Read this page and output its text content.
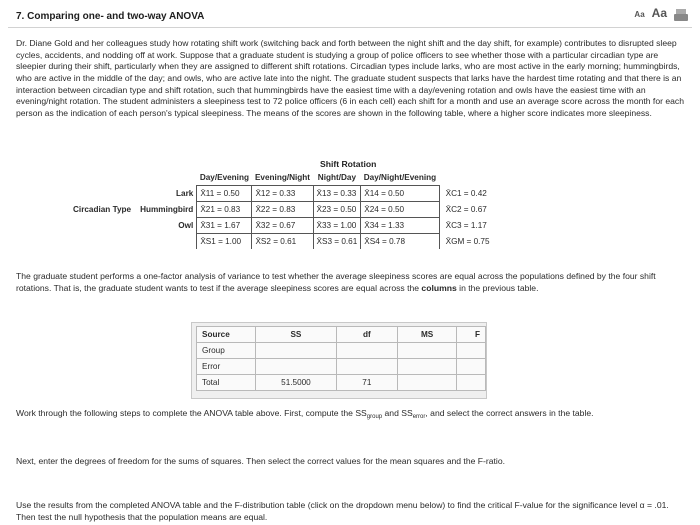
7. Comparing one- and two-way ANOVA	Aa Aa
Dr. Diane Gold and her colleagues study how rotating shift work (switching back and forth between the night shift and the day shift, for example) contributes to disrupted sleep cycles, accidents, and nodding off at work. Suppose that a graduate student is studying a group of police officers to see whether those with a particular circadian type are sleepier during their shift, particularly when they are assigned to different shift rotations. Circadian types include larks, who are most active in the early morning; hummingbirds, who are active in the middle of the day; and owls, who are active late into the night. The graduate student suspects that larks have the hardest time rotating and that there is an interaction between circadian type and shift rotation, such that hummingbirds have the easiest time with a day/evening rotation and owls have the easiest time with an evening/night rotation. The student administers a sleepiness test to 72 police officers (6 in each cell) each shift for a month and use an average score across the month for each person as the indication of each person's typical sleepiness. The means of the scores are shown in the following table, where a higher score indicates more sleepiness.
Shift Rotation
		Day/Evening	Evening/Night	Night/Day	Day/Night/Evening	
	Lark	X̄11 = 0.50	X̄12 = 0.33	X̄13 = 0.33	X̄14 = 0.50	X̄C1 = 0.42
Circadian Type	Hummingbird	X̄21 = 0.83	X̄22 = 0.83	X̄23 = 0.50	X̄24 = 0.50	X̄C2 = 0.67
	Owl	X̄31 = 1.67	X̄32 = 0.67	X̄33 = 1.00	X̄34 = 1.33	X̄C3 = 1.17
		X̄S1 = 1.00	X̄S2 = 0.61	X̄S3 = 0.61	X̄S4 = 0.78	X̄GM = 0.75
The graduate student performs a one-factor analysis of variance to test whether the average sleepiness scores are equal across the populations defined by the four shift rotations. That is, the graduate student wants to test if the average sleepiness scores are equal across the columns in the previous table.
Source	SS	df	MS	F
Group				
Error				
Total	51.5000	71		
Work through the following steps to complete the ANOVA table above. First, compute the $SS_{group}$ and $SS_{error}$, and select the correct answers in the table.
Next, enter the degrees of freedom for the sums of squares. Then select the correct values for the mean squares and the F-ratio.
Use the results from the completed ANOVA table and the F-distribution table (click on the dropdown menu below) to find the critical F-value for the significance level α = .01. Then test the null hypothesis that the population means are equal.
